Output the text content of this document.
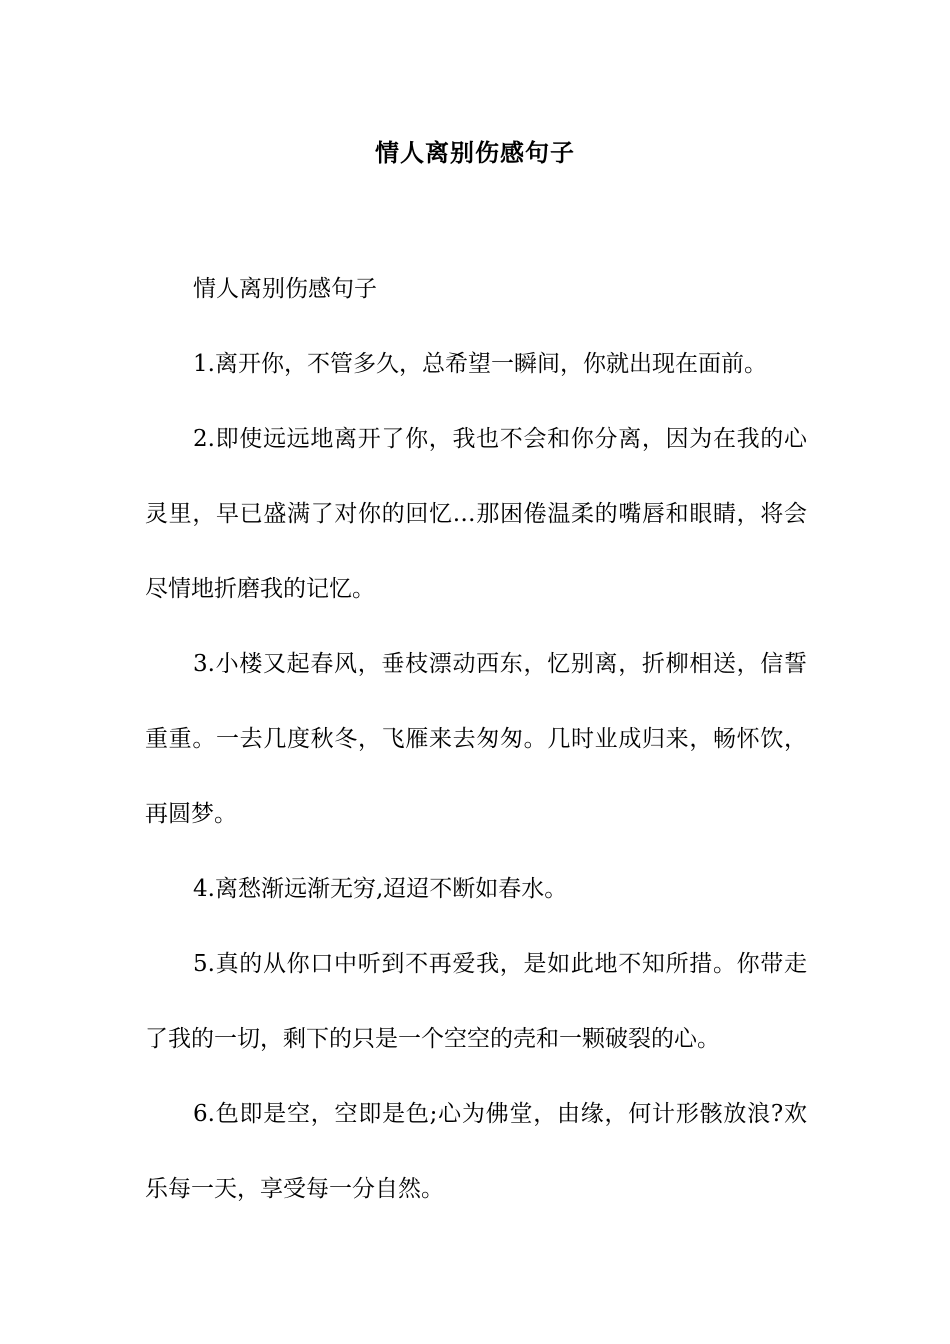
情人离别伤感句子

情人离别伤感句子

1.离开你，不管多久，总希望一瞬间，你就出现在面前。

2.即使远远地离开了你，我也不会和你分离，因为在我的心灵里，早已盛满了对你的回忆…那困倦温柔的嘴唇和眼睛，将会尽情地折磨我的记忆。

3.小楼又起春风，垂枝漂动西东，忆别离，折柳相送，信誓重重。一去几度秋冬，飞雁来去匆匆。几时业成归来，畅怀饮，再圆梦。

4.离愁渐远渐无穷,迢迢不断如春水。

5.真的从你口中听到不再爱我，是如此地不知所措。你带走了我的一切，剩下的只是一个空空的壳和一颗破裂的心。

6.色即是空，空即是色;心为佛堂，由缘，何计形骸放浪?欢乐每一天，享受每一分自然。
